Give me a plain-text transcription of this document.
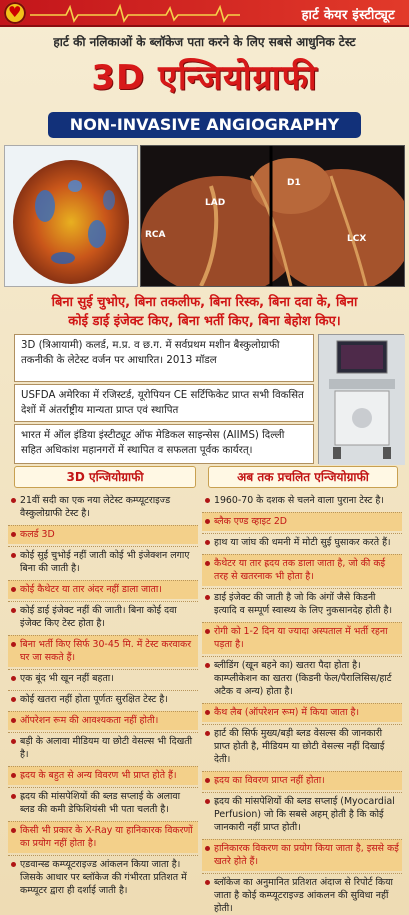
♥
हार्ट केयर इंस्टीट्यूट
हार्ट की नलिकाओं के ब्लॉकेज पता करने के लिए सबसे आधुनिक टेस्ट
3D एन्जियोग्राफी
NON-INVASIVE ANGIOGRAPHY
RCA
LAD
D1
LCX
बिना सुई चुभोए, बिना तकलीफ, बिना रिस्क, बिना दवा के, बिना
कोई डाई इंजेक्ट किए, बिना भर्ती किए, बिना बेहोश किए।
3D (त्रिआयामी) कलर्ड, म.प्र. व छ.ग. में सर्वप्रथम मशीन बैस्कुलोग्राफी तकनीकी के लेटेस्ट वर्जन पर आधारित। 2013 मॉडल
USFDA अमेरिका में रजिस्टर्ड, यूरोपियन CE सर्टिफिकेट प्राप्त सभी विकसित देशों में अंतर्राष्ट्रीय मान्यता प्राप्त एवं स्थापित
भारत में ऑल इंडिया इंस्टीट्यूट ऑफ मेडिकल साइन्सेस (AIIMS) दिल्ली सहित अधिकांश महानगरों में स्थापित व सफलता पूर्वक कार्यरत्।
3D एन्जियोग्राफी	अब तक प्रचलित एन्जियोग्राफी
21वीं सदी का एक नया लेटेस्ट कम्प्यूटराइज्ड वैस्कुलोग्राफी टेस्ट है।
कलर्ड 3D
कोई सुई चुभोई नहीं जाती कोई भी इंजेक्शन लगाए बिना की जाती है।
कोई कैथेटर या तार अंदर नहीं डाला जाता।
कोई डाई इंजेक्ट नहीं की जाती। बिना कोई दवा इंजेक्ट किए टेस्ट होता है।
बिना भर्ती किए सिर्फ 30-45 मि. में टेस्ट करवाकर घर जा सकते हैं।
एक बूंद भी खून नहीं बहता।
कोई खतरा नहीं होता पूर्णतः सुरक्षित टेस्ट है।
ऑपरेशन रूम की आवश्यकता नहीं होती।
बड़ी के अलावा मीडियम या छोटी वेसल्स भी दिखती है।
ह्रदय के बहुत से अन्य विवरण भी प्राप्त होते हैं।
ह्रदय की मांसपेशियों की ब्लड सप्लाई के अलावा ब्लड की कमी डेफिशियंसी भी पता चलती है।
किसी भी प्रकार के X-Ray या हानिकारक विकरणों का प्रयोग नहीं होता है।
एडवान्स्ड कम्प्यूटराइज्ड आंकलन किया जाता है। जिसके आधार पर ब्लॉकेज की गंभीरता प्रतिशत में कम्प्यूटर द्वारा ही दर्शाई जाती है।
1960-70 के दशक से चलने वाला पुराना टेस्ट है।
ब्लैक एण्ड व्हाइट 2D
हाथ या जांघ की धमनी में मोटी सुई घुसाकर करते हैं।
कैथेटर या तार ह्रदय तक डाला जाता है, जो की कई तरह से खतरनाक भी होता है।
डाई इंजेक्ट की जाती है जो कि अंगों जैसे किडनी इत्यादि व सम्पूर्ण स्वास्थ्य के लिए नुकसानदेह होती है।
रोगी को 1-2 दिन या ज्यादा अस्पताल में भर्ती रहना पड़ता है।
ब्लीडिंग (खून बहने का) खतरा पैदा होता है। काम्प्लीकेशन का खतरा (किडनी फेल/पैरालिसिस/हार्ट अटैक व अन्य) होता है।
कैथ लैब (ऑपरेशन रूम) में किया जाता है।
हार्ट की सिर्फ मुख्य/बड़ी ब्लड वेसल्स की जानकारी प्राप्त होती है, मीडियम या छोटी वेसल्स नहीं दिखाई देती।
ह्रदय का विवरण प्राप्त नहीं होता।
ह्रदय की मांसपेशियों की ब्लड सप्लाई (Myocardial Perfusion) जो कि सबसे अहम् होती है कि कोई जानकारी नहीं प्राप्त होती।
हानिकारक विकरण का प्रयोग किया जाता है, इससे कई खतरे होते हैं।
ब्लॉकेज का अनुमानित प्रतिशत अंदाज से रिपोर्ट किया जाता है कोई कम्प्यूटराइज्ड आंकलन की सुविधा नहीं होती।
